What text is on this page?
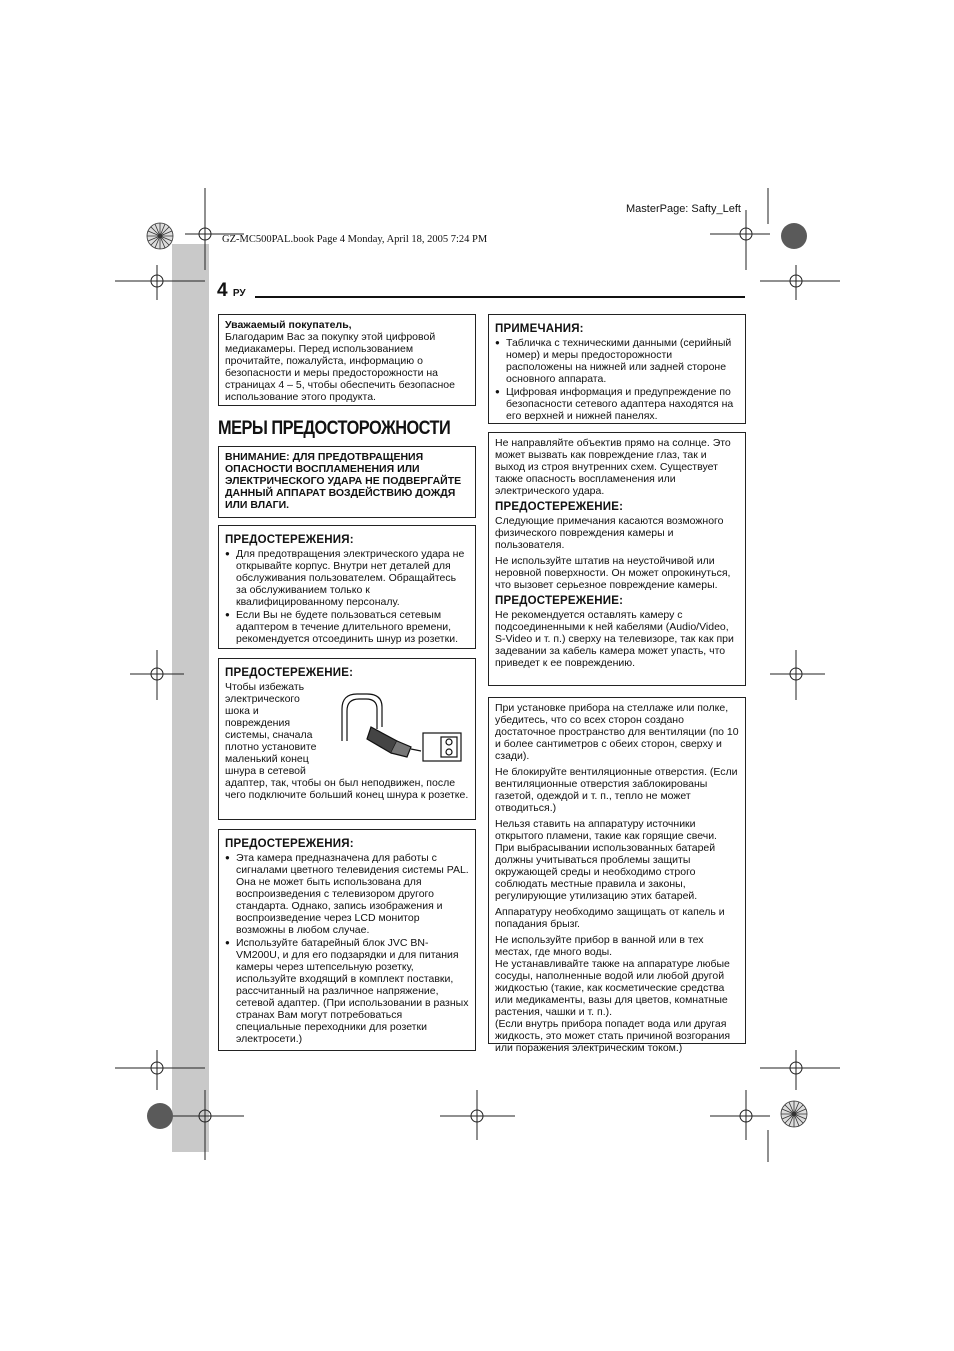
MasterPage: Safty_Left
GZ-MC500PAL.book Page 4 Monday, April 18, 2005 7:24 PM
4 РУ
Уважаемый покупатель,
Благодарим Вас за покупку этой цифровой медиакамеры. Перед использованием прочитайте, пожалуйста, информацию о безопасности и меры предосторожности на страницах 4 – 5, чтобы обеспечить безопасное использование этого продукта.
МЕРЫ ПРЕДОСТОРОЖНОСТИ
ВНИМАНИЕ: ДЛЯ ПРЕДОТВРАЩЕНИЯ ОПАСНОСТИ ВОСПЛАМЕНЕНИЯ ИЛИ ЭЛЕКТРИЧЕСКОГО УДАРА НЕ ПОДВЕРГАЙТЕ ДАННЫЙ АППАРАТ ВОЗДЕЙСТВИЮ ДОЖДЯ ИЛИ ВЛАГИ.
ПРЕДОСТЕРЕЖЕНИЯ:
● Для предотвращения электрического удара не открывайте корпус. Внутри нет деталей для обслуживания пользователем. Обращайтесь за обслуживанием только к квалифицированному персоналу.
● Если Вы не будете пользоваться сетевым адаптером в течение длительного времени, рекомендуется отсоединить шнур из розетки.
ПРЕДОСТЕРЕЖЕНИЕ:
Чтобы избежать электрического шока и повреждения системы, сначала плотно установите маленький конец шнура в сетевой
адаптер, так, чтобы он был неподвижен, после чего подключите больший конец шнура к розетке.
ПРЕДОСТЕРЕЖЕНИЯ:
● Эта камера предназначена для работы с сигналами цветного телевидения системы PAL. Она не может быть использована для воспроизведения с телевизором другого стандарта. Однако, запись изображения и воспроизведение через LCD монитор возможны в любом случае.
● Используйте батарейный блок JVC BN-VM200U, и для его подзарядки и для питания камеры через штепсельную розетку, используйте входящий в комплект поставки, рассчитанный на различное напряжение, сетевой адаптер. (При использовании в разных странах Вам могут потребоваться специальные переходники для розетки электросети.)
ПРИМЕЧАНИЯ:
● Табличка с техническими данными (серийный номер) и меры предосторожности расположены на нижней или задней стороне основного аппарата.
● Цифровая информация и предупреждение по безопасности сетевого адаптера находятся на его верхней и нижней панелях.

Не направляйте объектив прямо на солнце. Это может вызвать как повреждение глаз, так и выход из строя внутренних схем. Существует также опасность воспламенения или электрического удара.

ПРЕДОСТЕРЕЖЕНИЕ:

Следующие примечания касаются возможного физического повреждения камеры и пользователя.

Не используйте штатив на неустойчивой или неровной поверхности. Он может опрокинуться, что вызовет серьезное повреждение камеры.

ПРЕДОСТЕРЕЖЕНИЕ:

Не рекомендуется оставлять камеру с подсоединенными к ней кабелями (Audio/Video, S-Video и т. п.) сверху на телевизоре, так как при задевании за кабель камера может упасть, что приведет к ее повреждению.

При установке прибора на стеллаже или полке, убедитесь, что со всех сторон создано достаточное пространство для вентиляции (по 10 и более сантиметров с обеих сторон, сверху и сзади).

Не блокируйте вентиляционные отверстия. (Если вентиляционные отверстия заблокированы газетой, одеждой и т. п., тепло не может отводиться.)

Нельзя ставить на аппаратуру источники открытого пламени, такие как горящие свечи.

При выбрасывании использованных батарей должны учитываться проблемы защиты окружающей среды и необходимо строго соблюдать местные правила и законы, регулирующие утилизацию этих батарей.

Аппаратуру необходимо защищать от капель и попадания брызг.

Не используйте прибор в ванной или в тех местах, где много воды.

Не устанавливайте также на аппаратуре любые сосуды, наполненные водой или любой другой жидкостью (такие, как косметические средства или медикаменты, вазы для цветов, комнатные растения, чашки и т. п.).

(Если внутрь прибора попадет вода или другая жидкость, это может стать причиной возгорания или поражения электрическим током.)
